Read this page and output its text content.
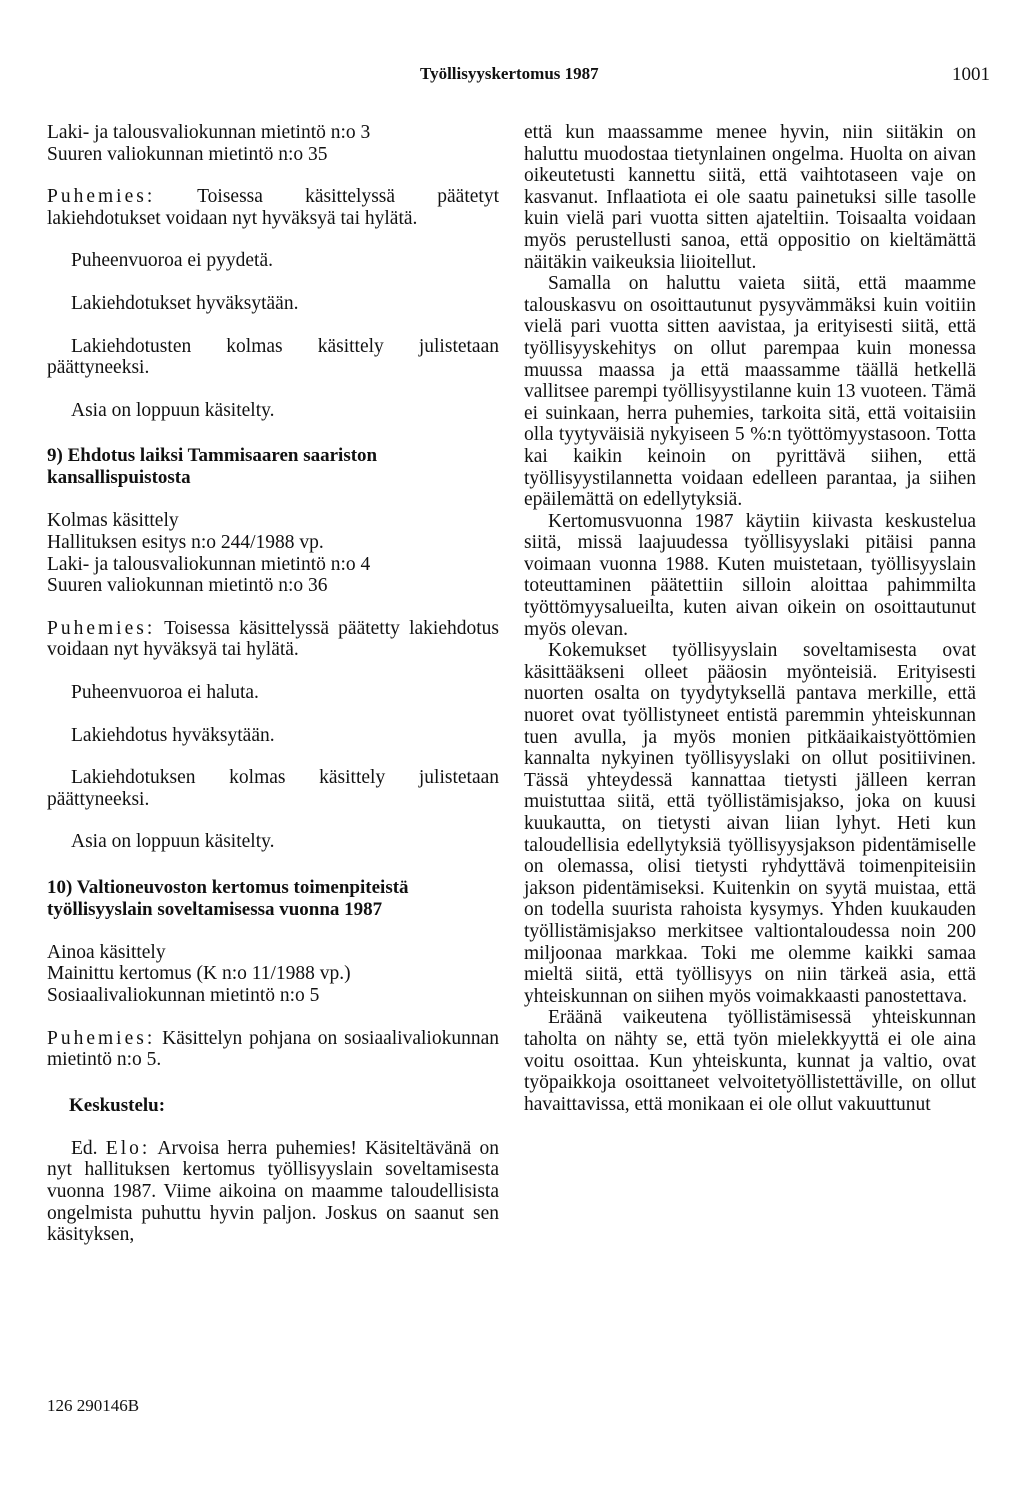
Työllisyyskertomus 1987	1001

Laki- ja talousvaliokunnan mietintö n:o 3

Suuren valiokunnan mietintö n:o 35

Puhemies: Toisessa käsittelyssä päätetyt lakiehdotukset voidaan nyt hyväksyä tai hylätä.

Puheenvuoroa ei pyydetä.

Lakiehdotukset hyväksytään.

Lakiehdotusten kolmas käsittely julistetaan päättyneeksi.

Asia on loppuun käsitelty.

9) Ehdotus laiksi Tammisaaren saariston kansallispuistosta

Kolmas käsittely

Hallituksen esitys n:o 244/1988 vp.

Laki- ja talousvaliokunnan mietintö n:o 4

Suuren valiokunnan mietintö n:o 36

Puhemies: Toisessa käsittelyssä päätetty lakiehdotus voidaan nyt hyväksyä tai hylätä.

Puheenvuoroa ei haluta.

Lakiehdotus hyväksytään.

Lakiehdotuksen kolmas käsittely julistetaan päättyneeksi.

Asia on loppuun käsitelty.

10) Valtioneuvoston kertomus toimenpiteistä työllisyyslain soveltamisessa vuonna 1987

Ainoa käsittely

Mainittu kertomus (K n:o 11/1988 vp.)

Sosiaalivaliokunnan mietintö n:o 5

Puhemies: Käsittelyn pohjana on sosiaalivaliokunnan mietintö n:o 5.

Keskustelu:

Ed. Elo: Arvoisa herra puhemies! Käsiteltävänä on nyt hallituksen kertomus työllisyyslain soveltamisesta vuonna 1987. Viime aikoina on maamme taloudellisista ongelmista puhuttu hyvin paljon. Joskus on saanut sen käsityksen,

että kun maassamme menee hyvin, niin siitäkin on haluttu muodostaa tietynlainen ongelma. Huolta on aivan oikeutetusti kannettu siitä, että vaihtotaseen vaje on kasvanut. Inflaatiota ei ole saatu painetuksi sille tasolle kuin vielä pari vuotta sitten ajateltiin. Toisaalta voidaan myös perustellusti sanoa, että oppositio on kieltämättä näitäkin vaikeuksia liioitellut.

Samalla on haluttu vaieta siitä, että maamme talouskasvu on osoittautunut pysyvämmäksi kuin voitiin vielä pari vuotta sitten aavistaa, ja erityisesti siitä, että työllisyyskehitys on ollut parempaa kuin monessa muussa maassa ja että maassamme täällä hetkellä vallitsee parempi työllisyystilanne kuin 13 vuoteen. Tämä ei suinkaan, herra puhemies, tarkoita sitä, että voitaisiin olla tyytyväisiä nykyiseen 5 %:n työttömyystasoon. Totta kai kaikin keinoin on pyrittävä siihen, että työllisyystilannetta voidaan edelleen parantaa, ja siihen epäilemättä on edellytyksiä.

Kertomusvuonna 1987 käytiin kiivasta keskustelua siitä, missä laajuudessa työllisyyslaki pitäisi panna voimaan vuonna 1988. Kuten muistetaan, työllisyyslain toteuttaminen päätettiin silloin aloittaa pahimmilta työttömyysalueilta, kuten aivan oikein on osoittautunut myös olevan.

Kokemukset työllisyyslain soveltamisesta ovat käsittääkseni olleet pääosin myönteisiä. Erityisesti nuorten osalta on tyydytyksellä pantava merkille, että nuoret ovat työllistyneet entistä paremmin yhteiskunnan tuen avulla, ja myös monien pitkäaikaistyöttömien kannalta nykyinen työllisyyslaki on ollut positiivinen. Tässä yhteydessä kannattaa tietysti jälleen kerran muistuttaa siitä, että työllistämisjakso, joka on kuusi kuukautta, on tietysti aivan liian lyhyt. Heti kun taloudellisia edellytyksiä työllisyysjakson pidentämiselle on olemassa, olisi tietysti ryhdyttävä toimenpiteisiin jakson pidentämiseksi. Kuitenkin on syytä muistaa, että on todella suurista rahoista kysymys. Yhden kuukauden työllistämisjakso merkitsee valtiontaloudessa noin 200 miljoonaa markkaa. Toki me olemme kaikki samaa mieltä siitä, että työllisyys on niin tärkeä asia, että yhteiskunnan on siihen myös voimakkaasti panostettava.

Eräänä vaikeutena työllistämisessä yhteiskunnan taholta on nähty se, että työn mielekkyyttä ei ole aina voitu osoittaa. Kun yhteiskunta, kunnat ja valtio, ovat työpaikkoja osoittaneet velvoitetyöllistettäville, on ollut havaittavissa, että monikaan ei ole ollut vakuuttunut

126 290146B
